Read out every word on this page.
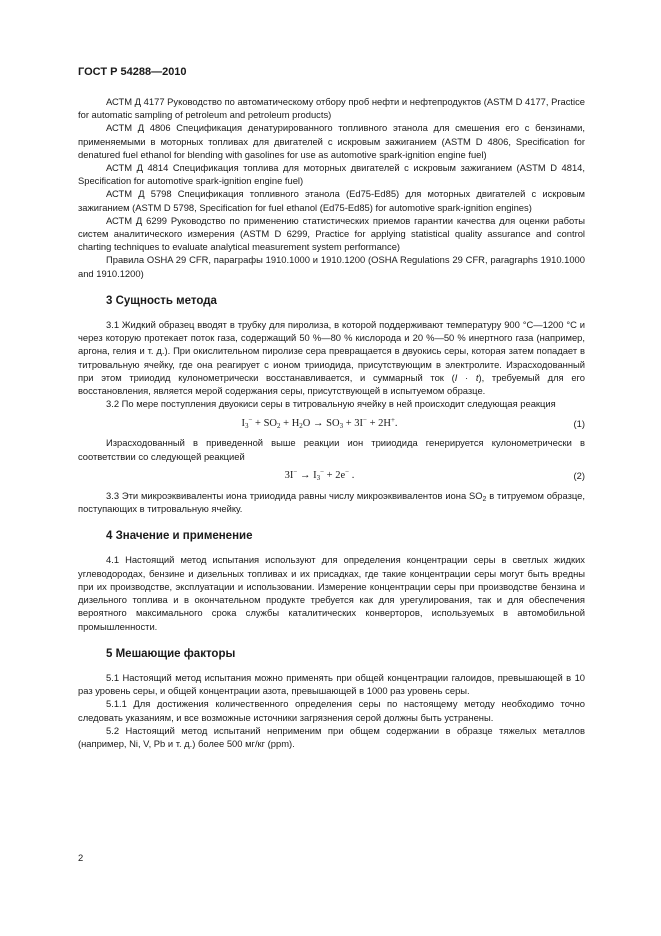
ГОСТ Р 54288—2010

АСТМ Д 4177 Руководство по автоматическому отбору проб нефти и нефтепродуктов (ASTM D 4177, Practice for automatic sampling of petroleum and petroleum products)

АСТМ Д 4806 Спецификация денатурированного топливного этанола для смешения его с бензинами, применяемыми в моторных топливах для двигателей с искровым зажиганием (ASTM D 4806, Specification for denatured fuel ethanol for blending with gasolines for use as automotive spark-ignition engine fuel)

АСТМ Д 4814 Спецификация топлива для моторных двигателей с искровым зажиганием (ASTM D 4814, Specification for automotive spark-ignition engine fuel)

АСТМ Д 5798 Спецификация топливного этанола (Ed75-Ed85) для моторных двигателей с искровым зажиганием (ASTM D 5798, Specification for fuel ethanol (Ed75-Ed85) for automotive spark-ignition engines)

АСТМ Д 6299 Руководство по применению статистических приемов гарантии качества для оценки работы систем аналитического измерения (ASTM D 6299, Practice for applying statistical quality assurance and control charting techniques to evaluate analytical measurement system performance)

Правила OSHA 29 CFR, параграфы 1910.1000 и 1910.1200 (OSHA Regulations 29 CFR, paragraphs 1910.1000 and 1910.1200)

3 Сущность метода

3.1 Жидкий образец вводят в трубку для пиролиза, в которой поддерживают температуру 900 °С—1200 °С и через которую протекает поток газа, содержащий 50 %—80 % кислорода и 20 %—50 % инертного газа (например, аргона, гелия и т. д.). При окислительном пиролизе сера превращается в двуокись серы, которая затем попадает в титровальную ячейку, где она реагирует с ионом трииодида, присутствующим в электролите. Израсходованный при этом трииодид кулонометрически восстанавливается, и суммарный ток (I · t), требуемый для его восстановления, является мерой содержания серы, присутствующей в испытуемом образце.

3.2 По мере поступления двуокиси серы в титровальную ячейку в ней происходит следующая реакция

$I_3^- + SO_2 + H_2O \to SO_3 + 3I^- + 2H^+$.	(1)

Израсходованный в приведенной выше реакции ион трииодида генерируется кулонометрически в соответствии со следующей реакцией

$3I^- \to I_3^- + 2e^-$ .	(2)

3.3 Эти микроэквиваленты иона трииодида равны числу микроэквивалентов иона $SO_2$ в титруемом образце, поступающих в титровальную ячейку.

4 Значение и применение

4.1 Настоящий метод испытания используют для определения концентрации серы в светлых жидких углеводородах, бензине и дизельных топливах и их присадках, где такие концентрации серы могут быть вредны при их производстве, эксплуатации и использовании. Измерение концентрации серы при производстве бензина и дизельного топлива и в окончательном продукте требуется как для урегулирования, так и для обеспечения вероятного максимального срока службы каталитических конверторов, используемых в автомобильной промышленности.

5 Мешающие факторы

5.1 Настоящий метод испытания можно применять при общей концентрации галоидов, превышающей в 10 раз уровень серы, и общей концентрации азота, превышающей в 1000 раз уровень серы.

5.1.1 Для достижения количественного определения серы по настоящему методу необходимо точно следовать указаниям, и все возможные источники загрязнения серой должны быть устранены.

5.2 Настоящий метод испытаний неприменим при общем содержании в образце тяжелых металлов (например, Ni, V, Pb и т. д.) более 500 мг/кг (ppm).

2
